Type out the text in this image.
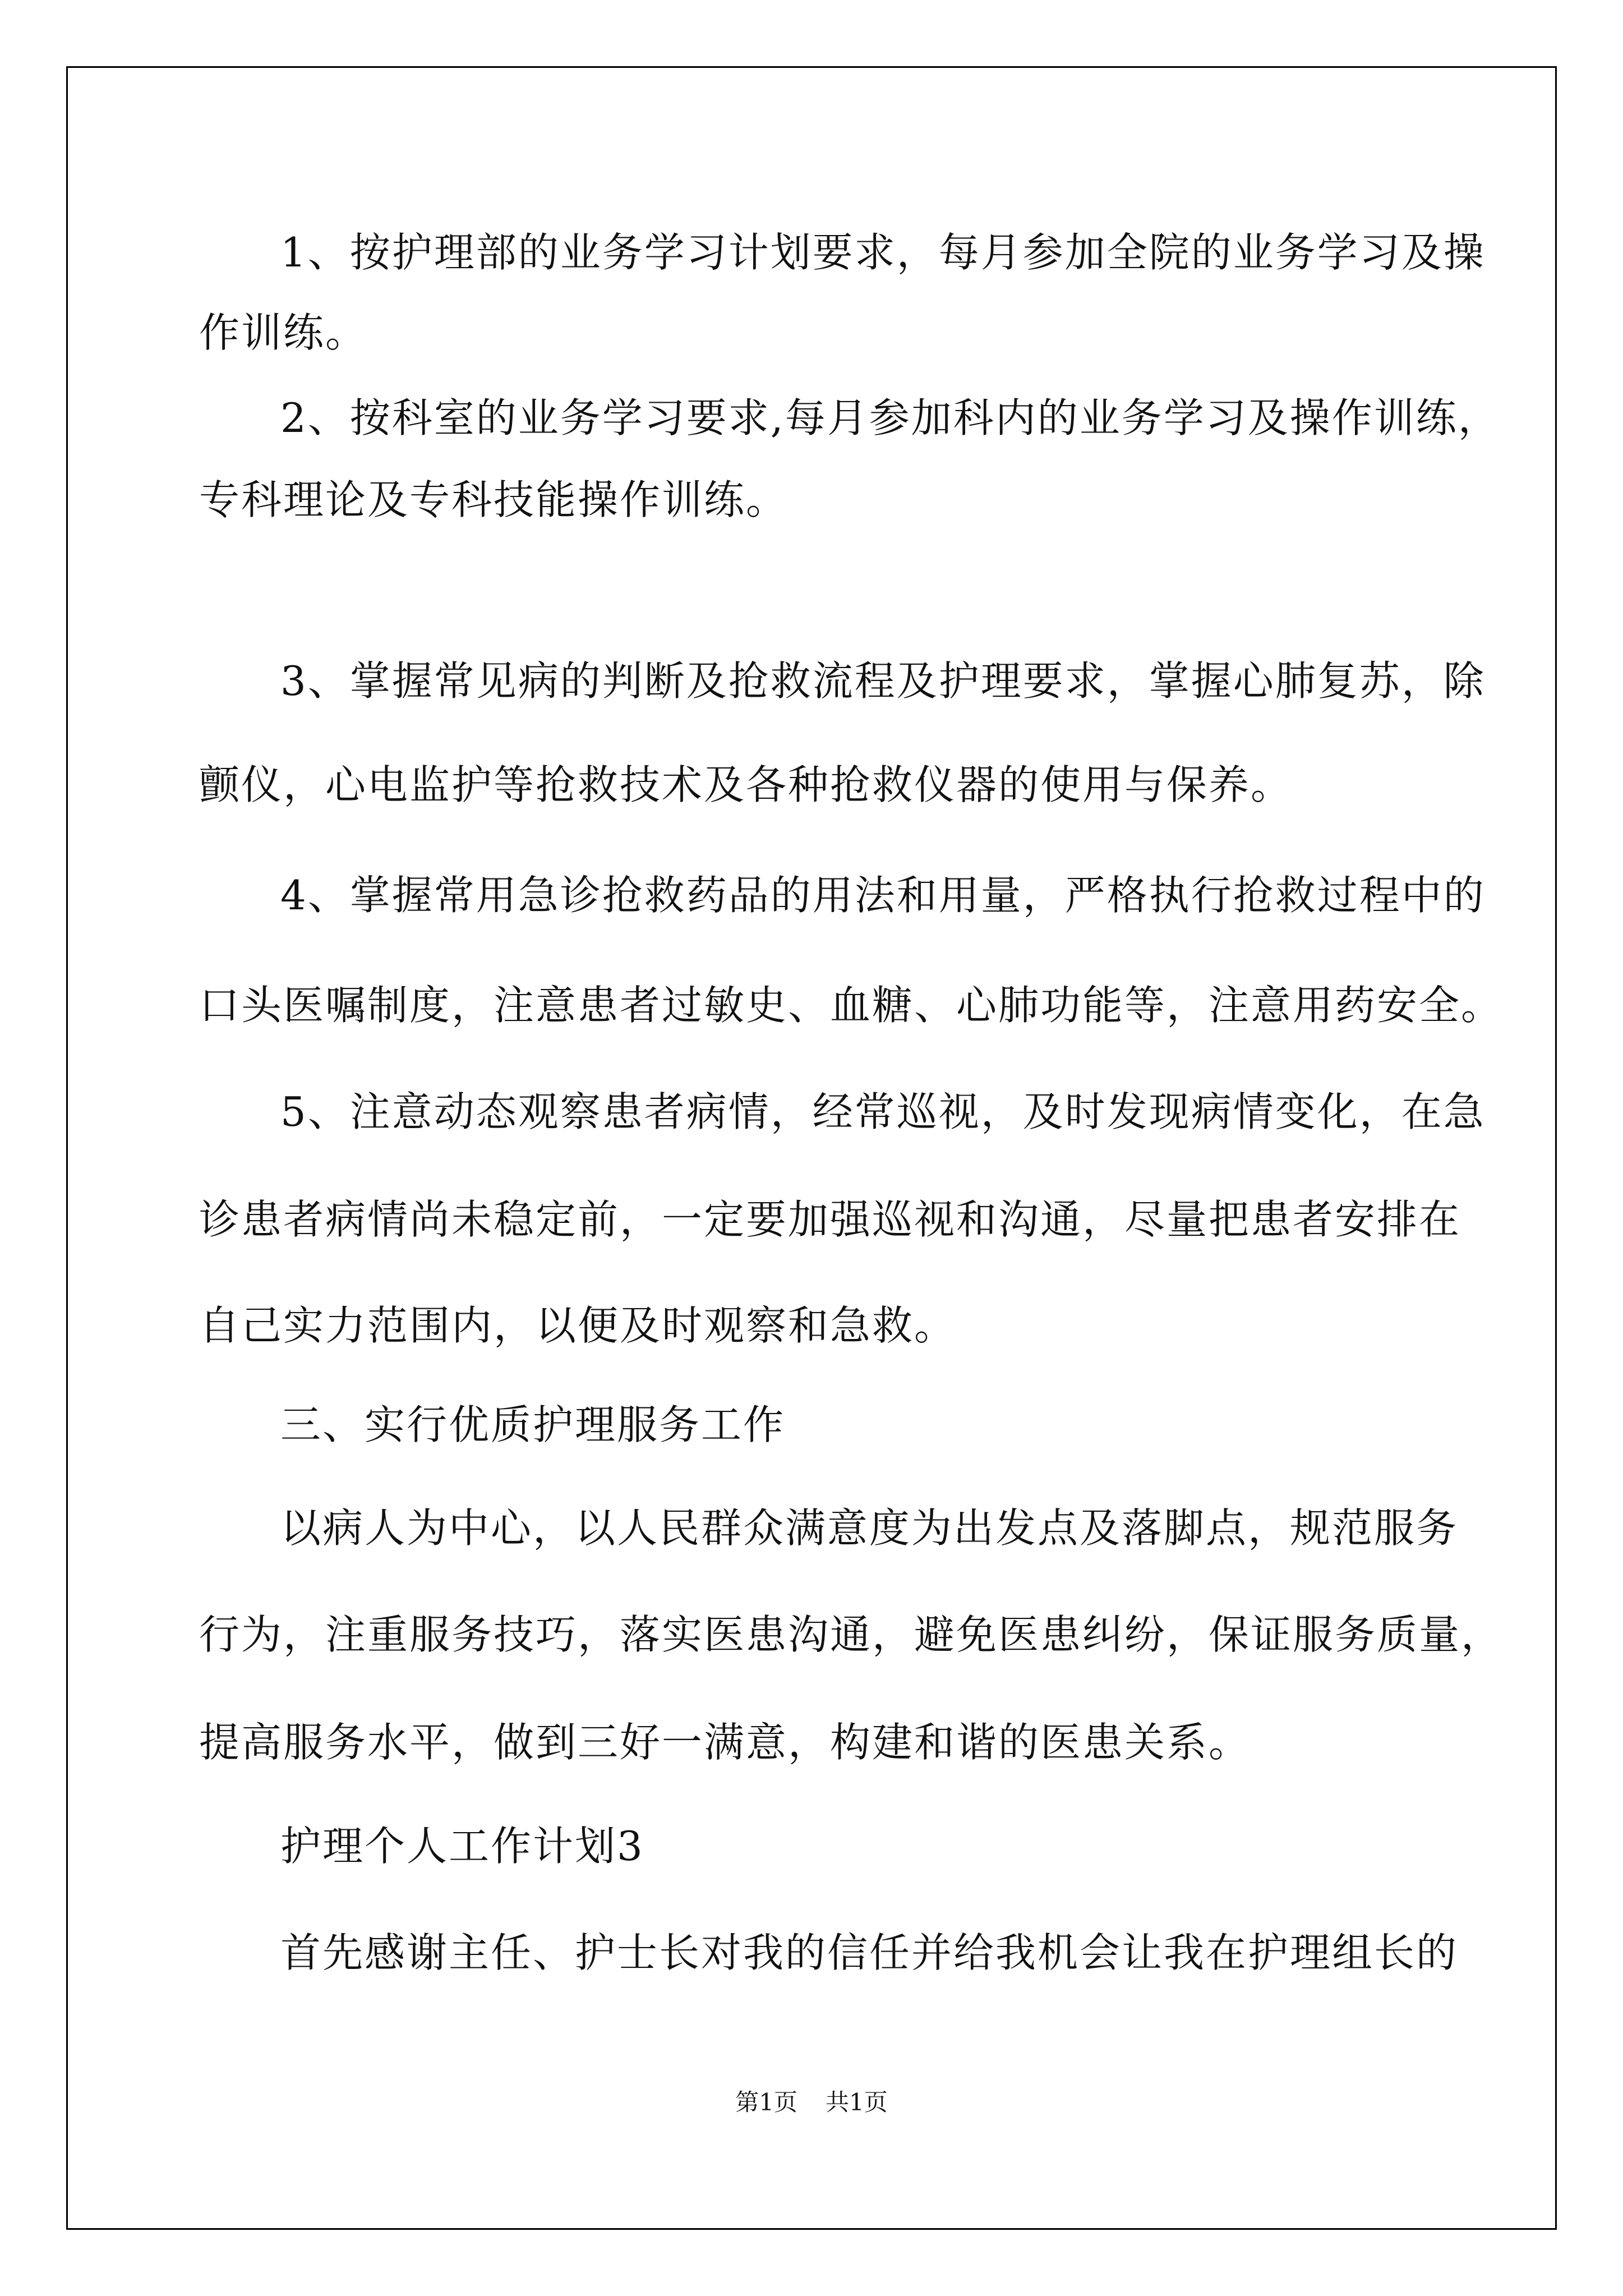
1、按护理部的业务学习计划要求，每月参加全院的业务学习及操
作训练。
2、按科室的业务学习要求,每月参加科内的业务学习及操作训练，
专科理论及专科技能操作训练。
3、掌握常见病的判断及抢救流程及护理要求，掌握心肺复苏，除
颤仪，心电监护等抢救技术及各种抢救仪器的使用与保养。
4、掌握常用急诊抢救药品的用法和用量，严格执行抢救过程中的
口头医嘱制度，注意患者过敏史、血糖、心肺功能等，注意用药安全。
5、注意动态观察患者病情，经常巡视，及时发现病情变化，在急
诊患者病情尚未稳定前，一定要加强巡视和沟通，尽量把患者安排在
自己实力范围内，以便及时观察和急救。
三、实行优质护理服务工作
以病人为中心，以人民群众满意度为出发点及落脚点，规范服务
行为，注重服务技巧，落实医患沟通，避免医患纠纷，保证服务质量，
提高服务水平，做到三好一满意，构建和谐的医患关系。
护理个人工作计划3
首先感谢主任、护士长对我的信任并给我机会让我在护理组长的
第1页 共1页
